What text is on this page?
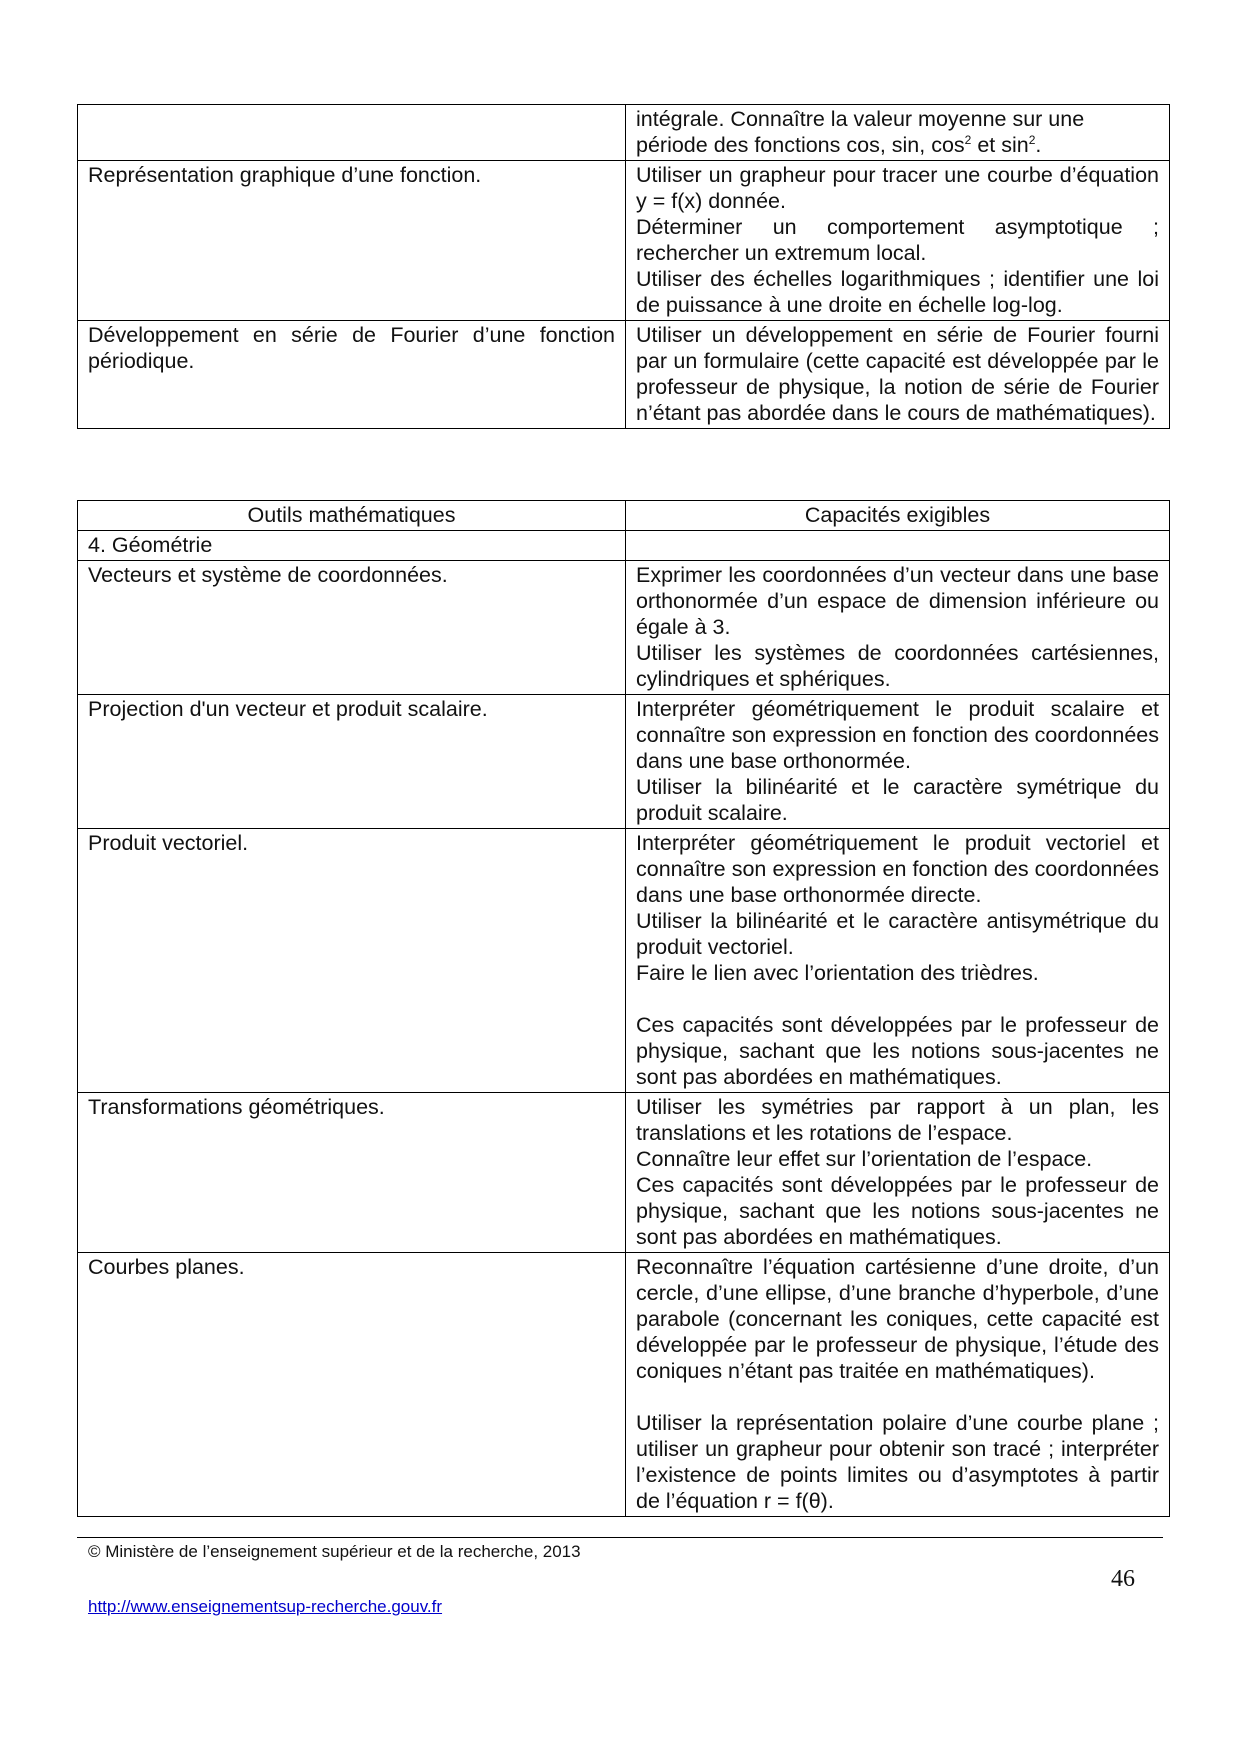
	intégrale. Connaître la valeur moyenne sur une

période des fonctions cos, sin, $\cos^2$ et $\sin^2$.

Représentation graphique d’une fonction.	Utiliser un grapheur pour tracer une courbe d’équation y = f(x) donnée.

Déterminer un comportement asymptotique ; rechercher un extremum local.

Utiliser des échelles logarithmiques ; identifier une loi de puissance à une droite en échelle log-log.

Développement en série de Fourier d’une fonction périodique.	Utiliser un développement en série de Fourier fourni par un formulaire (cette capacité est développée par le professeur de physique, la notion de série de Fourier n’étant pas abordée dans le cours de mathématiques).

Outils mathématiques	Capacités exigibles
4. Géométrie	

Vecteurs et système de coordonnées.	Exprimer les coordonnées d’un vecteur dans une base orthonormée d’un espace de dimension inférieure ou égale à 3.

Utiliser les systèmes de coordonnées cartésiennes, cylindriques et sphériques.

Projection d'un vecteur et produit scalaire.	Interpréter géométriquement le produit scalaire et connaître son expression en fonction des coordonnées dans une base orthonormée.

Utiliser la bilinéarité et le caractère symétrique du produit scalaire.

Produit vectoriel.	Interpréter géométriquement le produit vectoriel et connaître son expression en fonction des coordonnées dans une base orthonormée directe.

Utiliser la bilinéarité et le caractère antisymétrique du produit vectoriel.

Faire le lien avec l’orientation des trièdres.

Ces capacités sont développées par le professeur de physique, sachant que les notions sous-jacentes ne sont pas abordées en mathématiques.

Transformations géométriques.	Utiliser les symétries par rapport à un plan, les translations et les rotations de l’espace.

Connaître leur effet sur l’orientation de l’espace.

Ces capacités sont développées par le professeur de physique, sachant que les notions sous-jacentes ne sont pas abordées en mathématiques.

Courbes planes.	Reconnaître l’équation cartésienne d’une droite, d’un cercle, d’une ellipse, d’une branche d’hyperbole, d’une parabole (concernant les coniques, cette capacité est développée par le professeur de physique, l’étude des coniques n’étant pas traitée en mathématiques).

Utiliser la représentation polaire d’une courbe plane ; utiliser un grapheur pour obtenir son tracé ; interpréter l’existence de points limites ou d’asymptotes à partir de l’équation r = f(θ).

© Ministère de l’enseignement supérieur et de la recherche, 2013
46
http://www.enseignementsup-recherche.gouv.fr
